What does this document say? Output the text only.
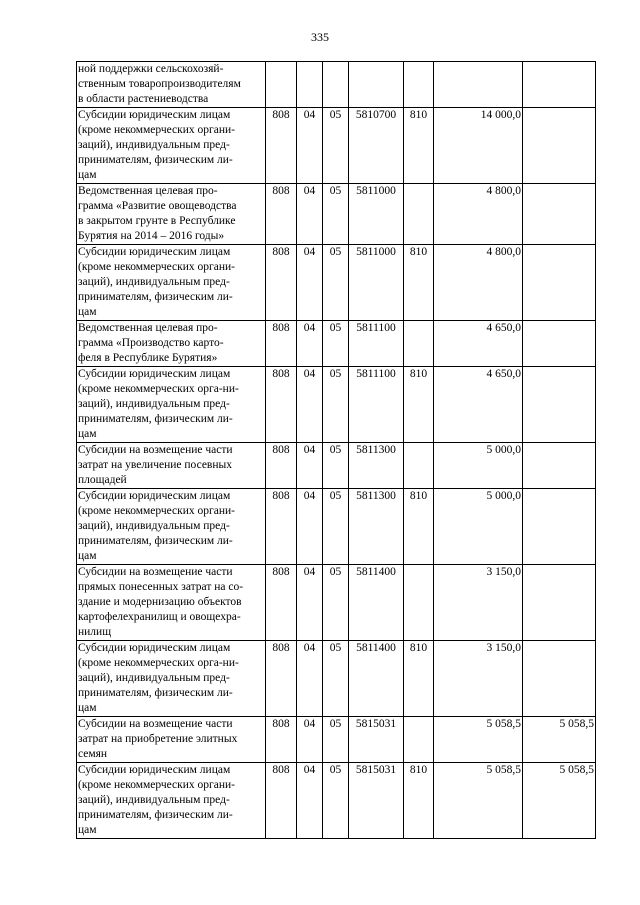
335
ной поддержки сельскохозяй-
ственным товаропроизводителям
в области растениеводства							

Субсидии юридическим лицам
(кроме некоммерческих органи-
заций), индивидуальным пред-
принимателям, физическим ли-
цам	808	04	05	5810700	810	14 000,0	

Ведомственная целевая про-
грамма «Развитие овощеводства
в закрытом грунте в Республике
Бурятия на 2014 – 2016 годы»	808	04	05	5811000		4 800,0	

Субсидии юридическим лицам
(кроме некоммерческих органи-
заций), индивидуальным пред-
принимателям, физическим ли-
цам	808	04	05	5811000	810	4 800,0	

Ведомственная целевая про-
грамма «Производство карто-
феля в Республике Бурятия»	808	04	05	5811100		4 650,0	

Субсидии юридическим лицам
(кроме некоммерческих орга-ни-
заций), индивидуальным пред-
принимателям, физическим ли-
цам	808	04	05	5811100	810	4 650,0	

Субсидии на возмещение части
затрат на увеличение посевных
площадей	808	04	05	5811300		5 000,0	

Субсидии юридическим лицам
(кроме некоммерческих органи-
заций), индивидуальным пред-
принимателям, физическим ли-
цам	808	04	05	5811300	810	5 000,0	

Субсидии на возмещение части
прямых понесенных затрат на со-
здание и модернизацию объектов
картофелехранилищ и овощехра-
нилищ	808	04	05	5811400		3 150,0	

Субсидии юридическим лицам
(кроме некоммерческих орга-ни-
заций), индивидуальным пред-
принимателям, физическим ли-
цам	808	04	05	5811400	810	3 150,0	

Субсидии на возмещение части
затрат на приобретение элитных
семян	808	04	05	5815031		5 058,5	5 058,5

Субсидии юридическим лицам
(кроме некоммерческих органи-
заций), индивидуальным пред-
принимателям, физическим ли-
цам	808	04	05	5815031	810	5 058,5	5 058,5
